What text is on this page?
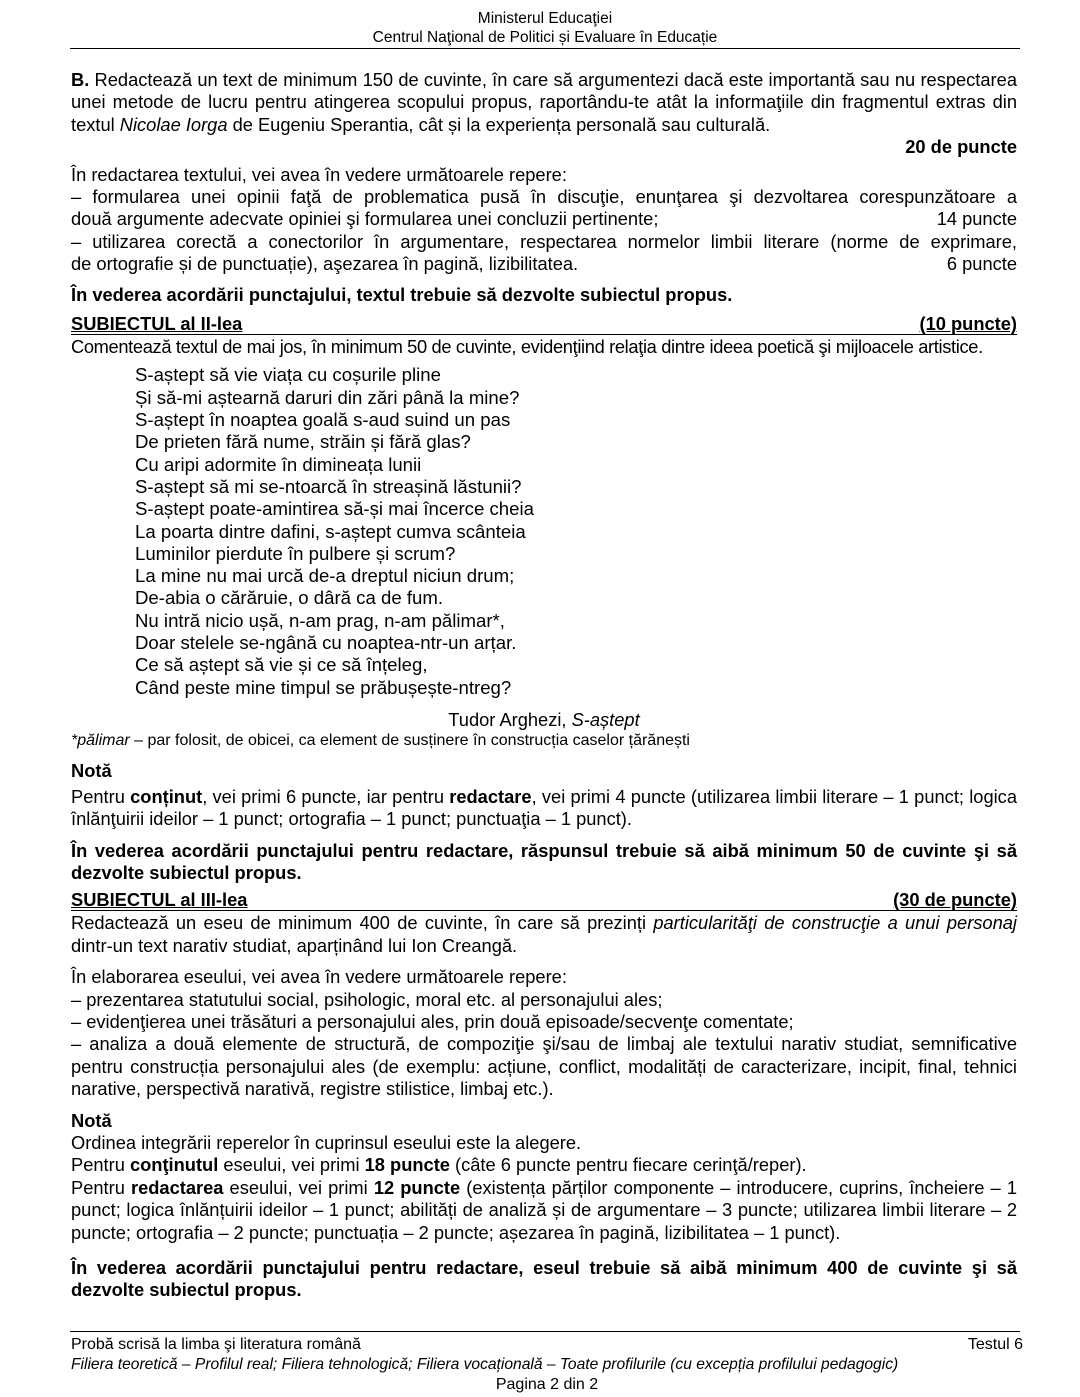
Ministerul Educaţiei
Centrul Naţional de Politici și Evaluare în Educație

B. Redactează un text de minimum 150 de cuvinte, în care să argumentezi dacă este importantă sau nu respectarea unei metode de lucru pentru atingerea scopului propus, raportându-te atât la informaţiile din fragmentul extras din textul Nicolae Iorga de Eugeniu Sperantia, cât și la experiența personală sau culturală.

20 de puncte

În redactarea textului, vei avea în vedere următoarele repere:

– formularea unei opinii faţă de problematica pusă în discuţie, enunţarea şi dezvoltarea corespunzătoare a

două argumente adecvate opiniei şi formularea unei concluzii pertinente;	14 puncte

– utilizarea corectă a conectorilor în argumentare, respectarea normelor limbii literare (norme de exprimare,

de ortografie și de punctuație), aşezarea în pagină, lizibilitatea.	6 puncte

În vederea acordării punctajului, textul trebuie să dezvolte subiectul propus.

SUBIECTUL al II-lea	(10 puncte)

Comentează textul de mai jos, în minimum 50 de cuvinte, evidenţiind relaţia dintre ideea poetică şi mijloacele artistice.

S-aștept să vie viața cu coșurile pline
Și să-mi aștearnă daruri din zări până la mine?
S-aștept în noaptea goală s-aud suind un pas
De prieten fără nume, străin și fără glas?
Cu aripi adormite în dimineața lunii
S-aștept să mi se-ntoarcă în streașină lăstunii?
S-aștept poate-amintirea să-și mai încerce cheia
La poarta dintre dafini, s-aștept cumva scânteia
Luminilor pierdute în pulbere și scrum?
La mine nu mai urcă de-a dreptul niciun drum;
De-abia o cărăruie, o dâră ca de fum.
Nu intră nicio ușă, n-am prag, n-am pălimar*,
Doar stelele se-ngână cu noaptea-ntr-un arțar.
Ce să aștept să vie și ce să înțeleg,
Când peste mine timpul se prăbușește-ntreg?

Tudor Arghezi, S-aștept

*pălimar – par folosit, de obicei, ca element de susținere în construcția caselor țărănești

Notă

Pentru conținut, vei primi 6 puncte, iar pentru redactare, vei primi 4 puncte (utilizarea limbii literare – 1 punct; logica înlănţuirii ideilor – 1 punct; ortografia – 1 punct; punctuaţia – 1 punct).

În vederea acordării punctajului pentru redactare, răspunsul trebuie să aibă minimum 50 de cuvinte şi să dezvolte subiectul propus.

SUBIECTUL al III-lea	(30 de puncte)

Redactează un eseu de minimum 400 de cuvinte, în care să prezinți particularităţi de construcţie a unui personaj dintr-un text narativ studiat, aparținând lui Ion Creangă.

În elaborarea eseului, vei avea în vedere următoarele repere:

– prezentarea statutului social, psihologic, moral etc. al personajului ales;

– evidenţierea unei trăsături a personajului ales, prin două episoade/secvenţe comentate;

– analiza a două elemente de structură, de compoziţie şi/sau de limbaj ale textului narativ studiat, semnificative pentru construcția personajului ales (de exemplu: acțiune, conflict, modalități de caracterizare, incipit, final, tehnici narative, perspectivă narativă, registre stilistice, limbaj etc.).

Notă

Ordinea integrării reperelor în cuprinsul eseului este la alegere.

Pentru conţinutul eseului, vei primi 18 puncte (câte 6 puncte pentru fiecare cerinţă/reper).

Pentru redactarea eseului, vei primi 12 puncte (existența părților componente – introducere, cuprins, încheiere – 1 punct; logica înlănțuirii ideilor – 1 punct; abilități de analiză și de argumentare – 3 puncte; utilizarea limbii literare – 2 puncte; ortografia – 2 puncte; punctuația – 2 puncte; așezarea în pagină, lizibilitatea – 1 punct).

În vederea acordării punctajului pentru redactare, eseul trebuie să aibă minimum 400 de cuvinte şi să dezvolte subiectul propus.

Probă scrisă la limba şi literatura română	Testul 6
Filiera teoretică – Profilul real; Filiera tehnologică; Filiera vocațională – Toate profilurile (cu excepția profilului pedagogic)
Pagina 2 din 2
